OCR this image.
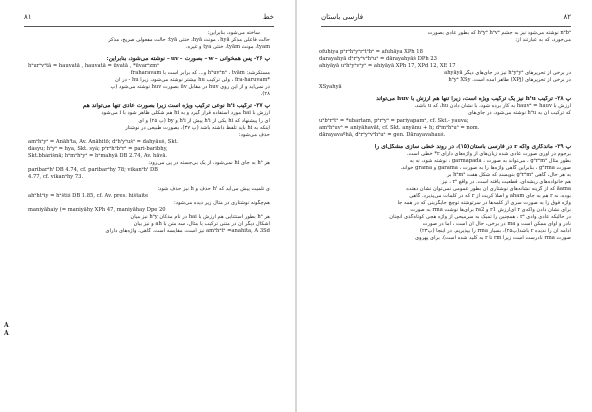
۸۱	خط
ساخته می‌شود، بنابراین:
حالت فاعلی مذکر hyā ، مونث hyā، خنثی tyā؛ حالت مفعولی صریح، مذکر
tyam، مونث tyām، خنثی tya و غیره.
پ ۲۶- پس همخوانی – w – بصورت – ūv – نوشته می‌شود، بنابراین:
hᵃurᵃvᵃtā = hauvatā , hauvatā = ūvatā , *ūvarᵃzmᵃ
مستکرشد: hᵃuvᵃnᵃ ، tvām و... که برابر است با fraharavam
*fra-haruvam ، ولی ترکیب hu بیشتر نوشته می‌شود، زیرا ‌hu - در آن
در نمی‌آید و از این روی huv در مقابل ūv بصورت huv نوشته می‌شود (پ
۲۸).
پ ۲۷- ترکیب hᴵi نوعی ترکیب ویژه است زیرا بصورت عادی تنها می‌تواند هم
ارزش با hai مورد استفاده قرار گیرد و به hi هم شکلی ظاهر شود با i می‌شود
ای را پیشنهاد که hi یکی از hᴵi پیش از hᴵi و by (پ ۲۵) و ای
اینکه به hi باید تلفظ داشته باشد (پ ۳۷)، بصورت طبیعی در نوشتار
حذف می‌شود:
amᵃhᵃyᵃ = Anāhᴵta, Av. Anāhitō; dᵃhᴵyᵃušᵃ = dahyāuš, Skt.
dásyu; hᵃyᵃ = hya, Skt. syá; pᵃrᵃhᵃbᵃrᵃ = pari-baribhy,
Skt.bhárišnā; hᵃmᵃhᵃyᵃ = hᵃmahyā DB 2.74, Av. hāvā.
هر hᵃ به جای hi نمی‌شود، از یک بی‌جسته در پی می‌رود:
paribarᵃhᴵ DB 4.74, cf. paribarᵃhy 78; vikanᵃhᴵ DB
4.77, cf. vikanᵃhy 73.
ی تلمیت پیش می‌آید که hᴵ حذف و h نیز حذف شود:
ahᵃhtᵃiy = hᵃštiš DB 1.85, cf. Av. pres. hištaite
هم‌چگونه نوشتاری در مثال زیر دیده می‌شود:
maniyāhaiy (= maniyāhy XPh 47, maniyāhay Dpe 20
هر hᵃ بطور استثنایی هم ارزش با hai در نام مذکان hᵃy نیز میان
اشکال دیگر آن در متنی ترکیب با مثال، سه متن با ah و نیز بیان
amᵃhᵃtᵃ =anahita, A 3Sd نیز است، مقایسه است. گاهی، واژه‌های دارای
A
A
۸۲
فارسی باستان
nᵃbᵃ نوشته می‌شود نیز به جشم hᵃyᵃ hᵃvᵃ که بطور عادی بصورت
می‌خورد، که به عبارتند از:
ofuhiya pᵃrᵃhᵃyᵃrᵃtᵃbᵃ = afuhāya XPh 18
darayahyā dᵃrᵃyᵃvᵃhᵃuᵃ = dārayahyāš DPh 23
ahiyāyā uᵃhᵃyᵃvᵃyᵃ = ahiyāyā XPh 17, XPd 12, XE 17
در برخی از تحریرهای hᵃyᵃyᵃ نیز در جای‌های دیگر ahyāyā
در برخی از تحریرهای (XPj) طاهر آمده است. hᵃyᵃ XSy
XSyahyā
پ ۲۸- ترکیب hᴵu نیز یک ترکیب ویژه است، زیرا تنها هم ارزش با huv می‌تواند
ارزش با hauvᵃ = hauv به کار برده شود، با نشان دادن hu، که u باشد،
که ترکیب آن به hᵃu نوشته می‌شود، در جای‌های
uᵃbᵃrᵃtᵃ = *ubartam, pᵃrᵃyᵃ = pariyapamᵃ, cf. Skt.- yauva;
amᵃhᵃuvᵃ = aniyāhavāt, cf. Skt. anyānu + h; dᵃmᵃhᵃuᵃ = nom.
dārayavaºhā, dᵃrᵃyᵃvᵃhᵃuᵃ = gen. Dārayavahauš.
پ ۲۹- ماندگاری واکه r در فارسی باستان(۱۵)، در روند خطی سازی مشکل‌ای را
برجوم در آوری صورت عادی شده زیان‌های از واژه‌های دارای r* خطی است.
بطور مثال gᵃrᵃmᵃ ، می‌تواند به صورت ، garmapada ، نوشته شود، نه به
صورت gᵃrma ، بنابراین گاهی واژه‌ها را به صورت ، garama و grama خواند.
به هر حال، گاهی ‌gᵃrᵃmᵃ بنویسند که شکل هفت hᵃmᵃ بر
هم خانواده‌های ریشه‌ای، قطعیت یافته است. در واقع rᵃ ، نیز
āama که از گزینه نشانه‌های نوشتاری آن بطور عمومی نمی‌توان نشان دهنده
بوده، نه r هم به جای aham و اصلاً کریت از r که در کلمات می‌پذیرد. گاهی
واژه فوق را به صورت سری از کلمه‌ها در سرتوشته توچچ جایگزینی که در همه جا
برای نشان دادن واکه‌ی r ای‌ارزش r1 و ra2 برای‌ها نوشت rma به صورت
در حالیکه عادی وادی rᵃ ، همچنین را تمیک به سرمیحی از واژه هجی کوتاه‌گذی آنچنان
نادر و آوای ممکن است و ma در برخی، حال آن است ، اما در صورت
ادامه آن را ندیده r باشد(پ۲۵)، بسیار rma را بپذیریم. در اینجا (پ۲۳)
صورت rma نادرست است زیرا rm تا r به کلید شده است). برای پهروی
